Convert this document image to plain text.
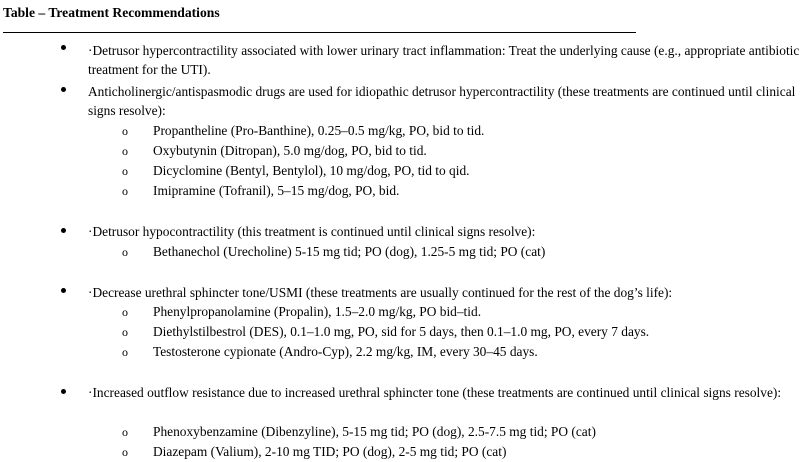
Table – Treatment Recommendations
·Detrusor hypercontractility associated with lower urinary tract inflammation: Treat the underlying cause (e.g., appropriate antibiotic treatment for the UTI).
Anticholinergic/antispasmodic drugs are used for idiopathic detrusor hypercontractility (these treatments are continued until clinical signs resolve):
o Propantheline (Pro-Banthine), 0.25–0.5 mg/kg, PO, bid to tid.
o Oxybutynin (Ditropan), 5.0 mg/dog, PO, bid to tid.
o Dicyclomine (Bentyl, Bentylol), 10 mg/dog, PO, tid to qid.
o Imipramine (Tofranil), 5–15 mg/dog, PO, bid.
·Detrusor hypocontractility (this treatment is continued until clinical signs resolve):
o Bethanechol (Urecholine) 5-15 mg tid; PO (dog), 1.25-5 mg tid; PO (cat)
·Decrease urethral sphincter tone/USMI (these treatments are usually continued for the rest of the dog’s life):
o Phenylpropanolamine (Propalin), 1.5–2.0 mg/kg, PO bid–tid.
o Diethylstilbestrol (DES), 0.1–1.0 mg, PO, sid for 5 days, then 0.1–1.0 mg, PO, every 7 days.
o Testosterone cypionate (Andro-Cyp), 2.2 mg/kg, IM, every 30–45 days.
·Increased outflow resistance due to increased urethral sphincter tone (these treatments are continued until clinical signs resolve):
o Phenoxybenzamine (Dibenzyline), 5-15 mg tid; PO (dog), 2.5-7.5 mg tid; PO (cat)
o Diazepam (Valium), 2-10 mg TID; PO (dog), 2-5 mg tid; PO (cat)
